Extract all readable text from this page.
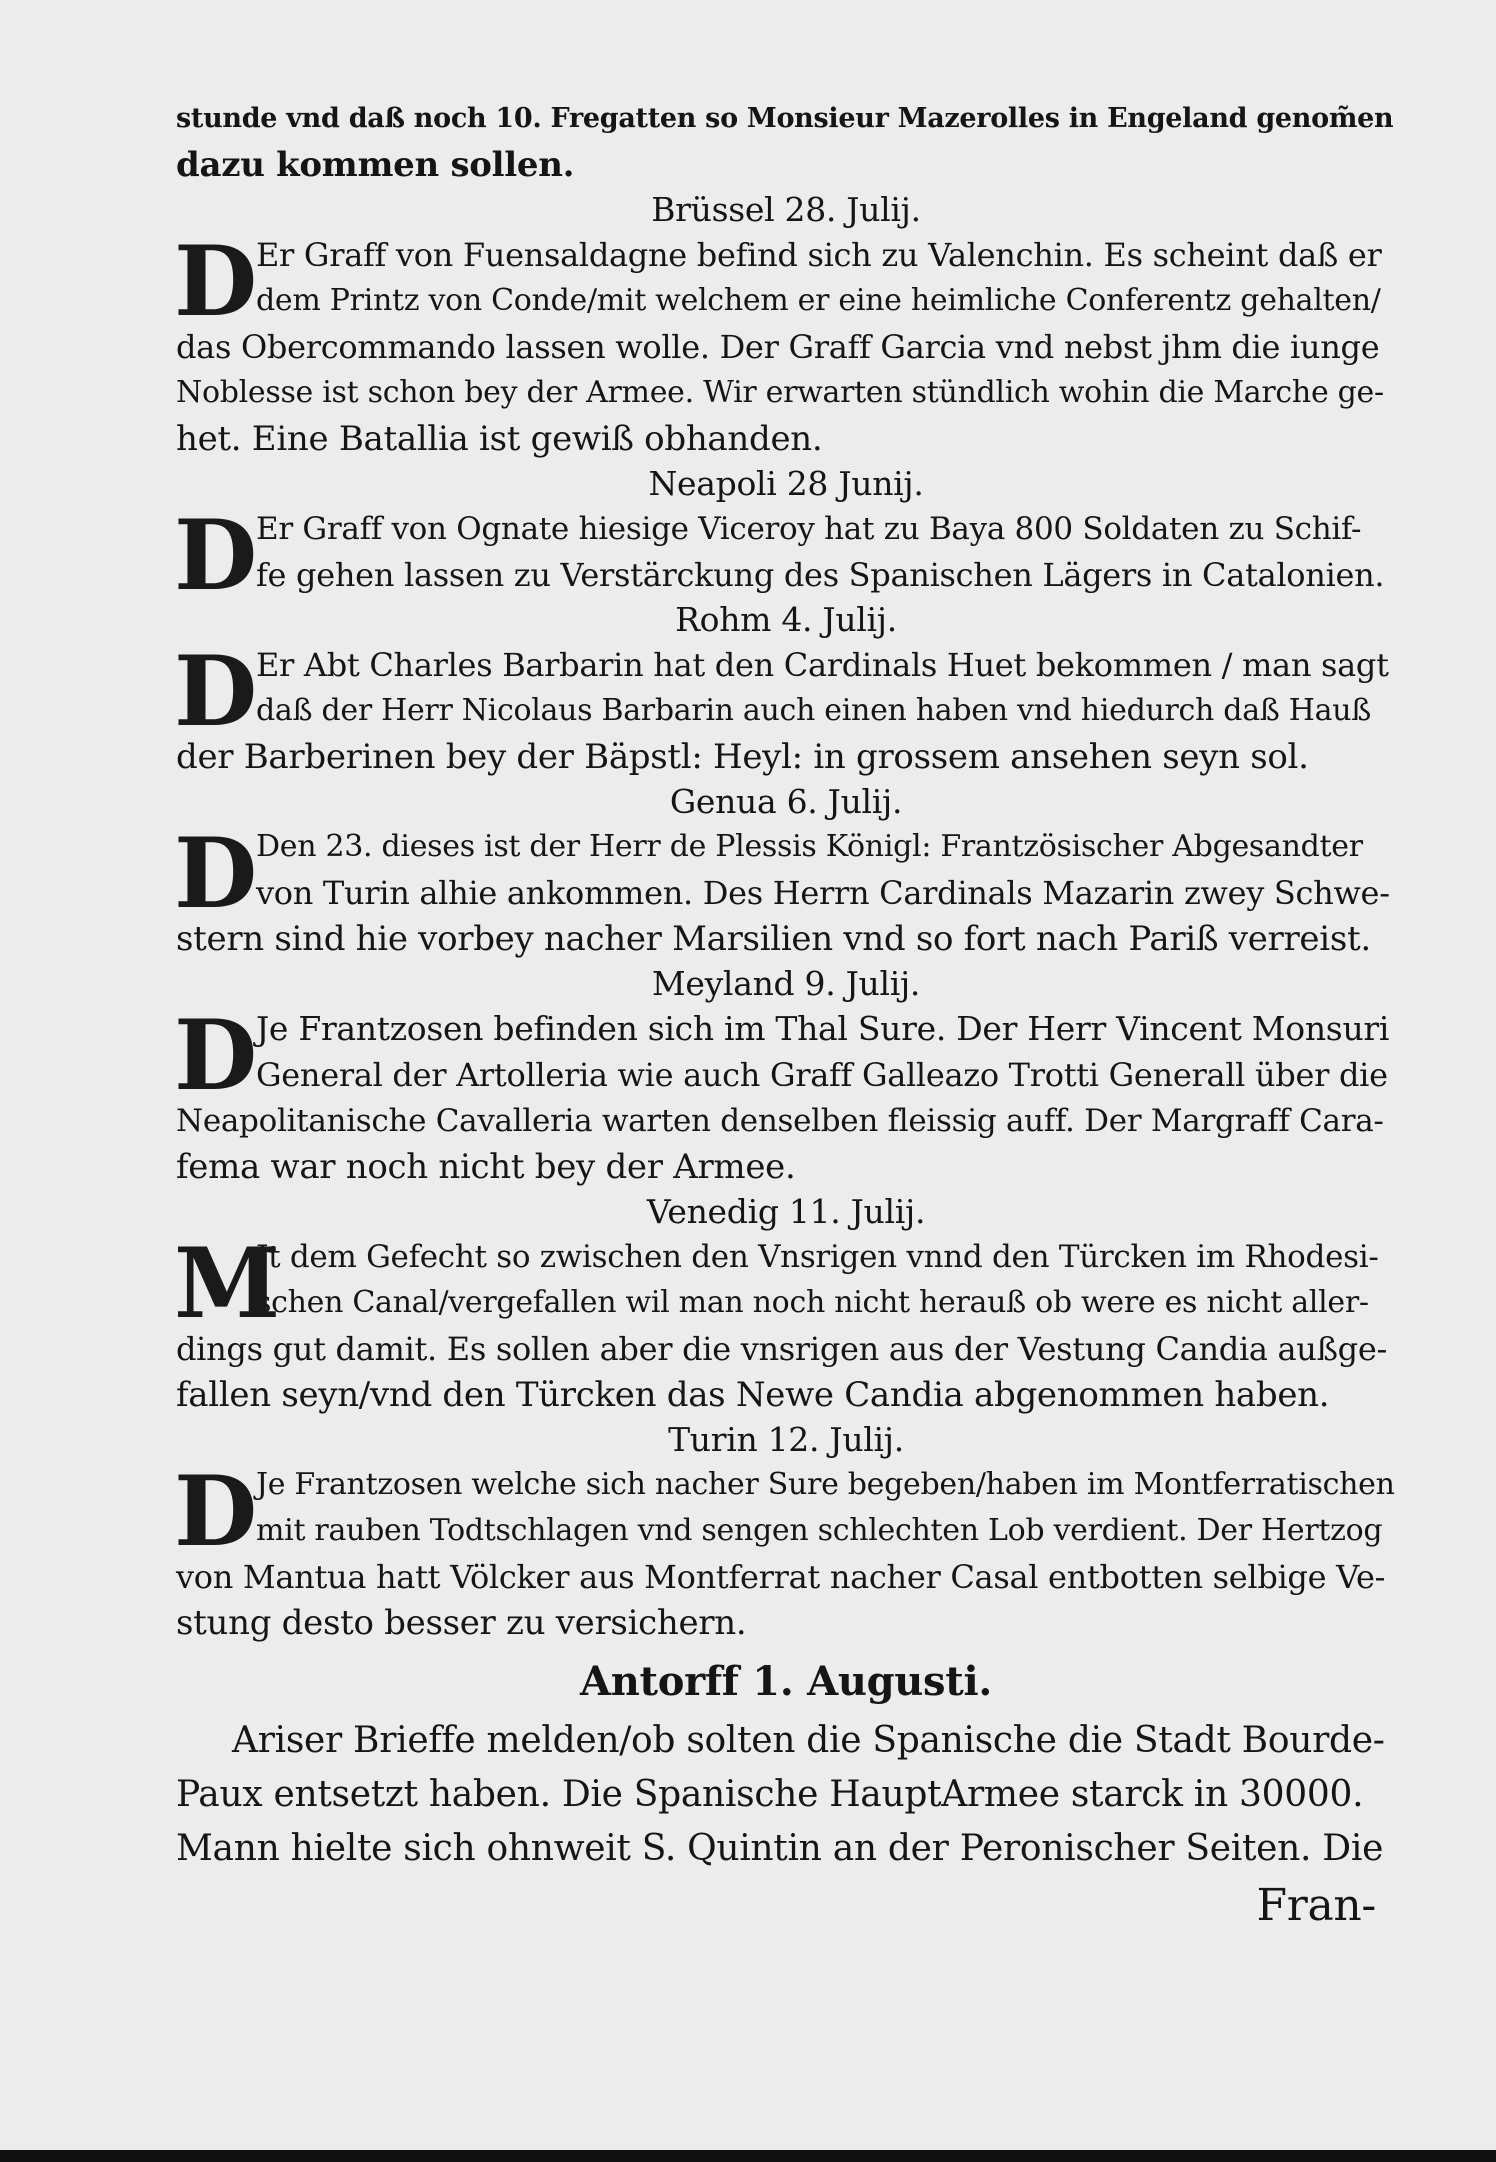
stunde vnd daß noch 10. Fregatten so Monsieur Mazerolles in Engeland genom̃en
dazu kommen sollen.
Brüssel 28. Julij.
D Er Graff von Fuensaldagne befind sich zu Valenchin. Es scheint daß er
dem Printz von Conde/mit welchem er eine heimliche Conferentz gehalten/
das Obercommando lassen wolle. Der Graff Garcia vnd nebst jhm die iunge
Noblesse ist schon bey der Armee. Wir erwarten stündlich wohin die Marche ge-
het. Eine Batallia ist gewiß obhanden.
Neapoli 28 Junij.
D Er Graff von Ognate hiesige Viceroy hat zu Baya 800 Soldaten zu Schif-
fe gehen lassen zu Verstärckung des Spanischen Lägers in Catalonien.
Rohm 4. Julij.
D Er Abt Charles Barbarin hat den Cardinals Huet bekommen / man sagt
daß der Herr Nicolaus Barbarin auch einen haben vnd hiedurch daß Hauß
der Barberinen bey der Bäpstl: Heyl: in grossem ansehen seyn sol.
Genua 6. Julij.
D Den 23. dieses ist der Herr de Plessis Königl: Frantzösischer Abgesandter
von Turin alhie ankommen. Des Herrn Cardinals Mazarin zwey Schwe-
stern sind hie vorbey nacher Marsilien vnd so fort nach Pariß verreist.
Meyland 9. Julij.
D Je Frantzosen befinden sich im Thal Sure. Der Herr Vincent Monsuri
General der Artolleria wie auch Graff Galleazo Trotti Generall über die
Neapolitanische Cavalleria warten denselben fleissig auff. Der Margraff Cara-
fema war noch nicht bey der Armee.
Venedig 11. Julij.
M
Jt dem Gefecht so zwischen den Vnsrigen vnnd den Türcken im Rhodesi-
schen Canal/vergefallen wil man noch nicht herauß ob were es nicht aller-
dings gut damit. Es sollen aber die vnsrigen aus der Vestung Candia außge-
fallen seyn/vnd den Türcken das Newe Candia abgenommen haben.
Turin 12. Julij.
D Je Frantzosen welche sich nacher Sure begeben/haben im Montferratischen
mit rauben Todtschlagen vnd sengen schlechten Lob verdient. Der Hertzog
von Mantua hatt Völcker aus Montferrat nacher Casal entbotten selbige Ve-
stung desto besser zu versichern.
Antorff 1. Augusti.
Ariser Brieffe melden/ob solten die Spanische die Stadt Bourde-
Paux entsetzt haben. Die Spanische HauptArmee starck in 30000.
Mann hielte sich ohnweit S. Quintin an der Peronischer Seiten. Die
Fran-
